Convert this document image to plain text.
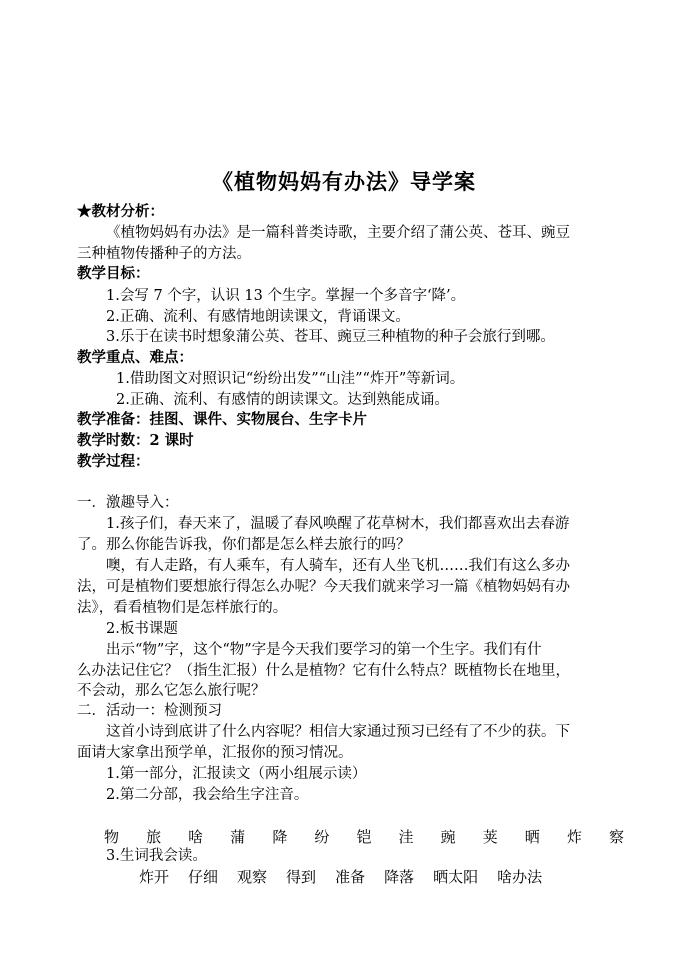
《植物妈妈有办法》导学案
★教材分析：
《植物妈妈有办法》是一篇科普类诗歌，主要介绍了蒲公英、苍耳、豌豆
三种植物传播种子的方法。
教学目标：
1.会写 7 个字，认识 13 个生字。掌握一个多音字‘降’。
2.正确、流利、有感情地朗读课文，背诵课文。
3.乐于在读书时想象蒲公英、苍耳、豌豆三种植物的种子会旅行到哪。
教学重点、难点：
1.借助图文对照识记“纷纷出发”“山洼”“炸开”等新词。
2.正确、流利、有感情的朗读课文。达到熟能成诵。
教学准备：挂图、课件、实物展台、生字卡片
教学时数：2 课时
教学过程：
一．激趣导入：
1.孩子们，春天来了，温暖了春风唤醒了花草树木，我们都喜欢出去春游
了。那么你能告诉我，你们都是怎么样去旅行的吗？
噢，有人走路，有人乘车，有人骑车，还有人坐飞机……我们有这么多办
法，可是植物们要想旅行得怎么办呢？今天我们就来学习一篇《植物妈妈有办
法》，看看植物们是怎样旅行的。
2.板书课题
出示“物”字，这个“物”字是今天我们要学习的第一个生字。我们有什
么办法记住它？（指生汇报）什么是植物？它有什么特点？既植物长在地里，
不会动，那么它怎么旅行呢？
二．活动一：检测预习
这首小诗到底讲了什么内容呢？相信大家通过预习已经有了不少的获。下
面请大家拿出预学单，汇报你的预习情况。
1.第一部分，汇报读文（两小组展示读）
2.第二分部，我会给生字注音。
物 旅 啥 蒲 降 纷 铠 洼 豌 荚 晒 炸 察
3.生词我会读。
炸开 仔细 观察 得到 准备 降落 晒太阳 啥办法
